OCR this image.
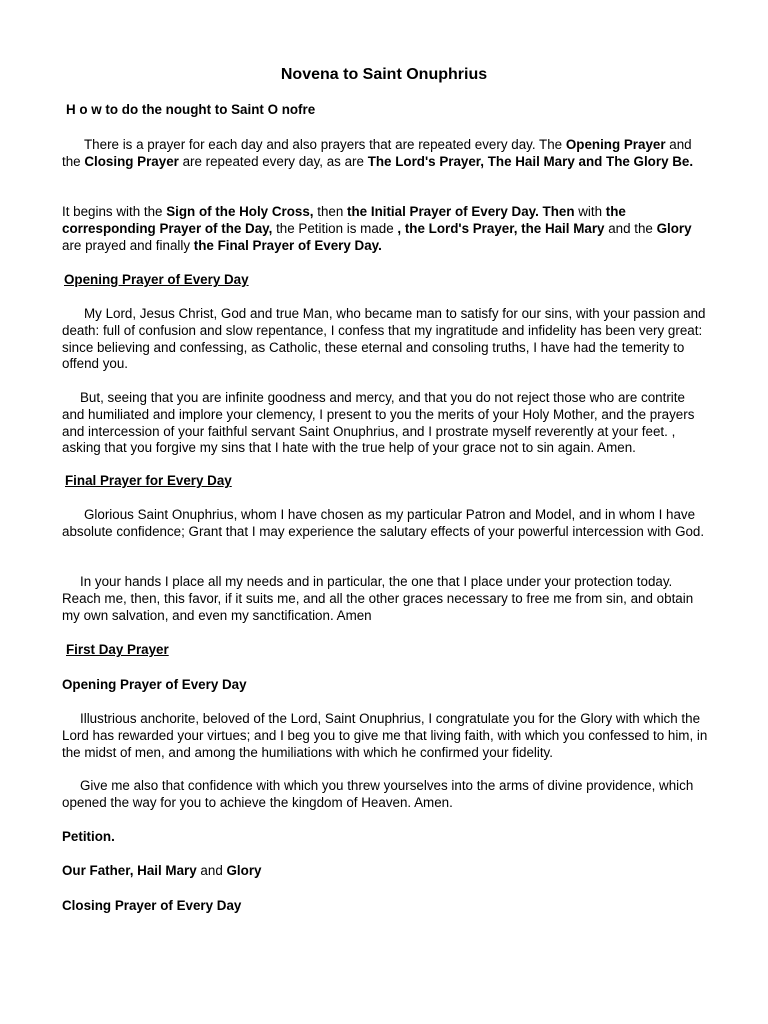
Novena to Saint Onuphrius

H o w to do the nought to Saint O nofre

There is a prayer for each day and also prayers that are repeated every day. The Opening Prayer and the Closing Prayer are repeated every day, as are The Lord's Prayer, The Hail Mary and The Glory Be.

It begins with the Sign of the Holy Cross, then the Initial Prayer of Every Day. Then with the corresponding Prayer of the Day, the Petition is made , the Lord's Prayer, the Hail Mary and the Glory are prayed and finally the Final Prayer of Every Day.

Opening Prayer of Every Day

My Lord, Jesus Christ, God and true Man, who became man to satisfy for our sins, with your passion and death: full of confusion and slow repentance, I confess that my ingratitude and infidelity has been very great: since believing and confessing, as Catholic, these eternal and consoling truths, I have had the temerity to offend you.

But, seeing that you are infinite goodness and mercy, and that you do not reject those who are contrite and humiliated and implore your clemency, I present to you the merits of your Holy Mother, and the prayers and intercession of your faithful servant Saint Onuphrius, and I prostrate myself reverently at your feet. , asking that you forgive my sins that I hate with the true help of your grace not to sin again. Amen.

Final Prayer for Every Day

Glorious Saint Onuphrius, whom I have chosen as my particular Patron and Model, and in whom I have absolute confidence; Grant that I may experience the salutary effects of your powerful intercession with God.

In your hands I place all my needs and in particular, the one that I place under your protection today. Reach me, then, this favor, if it suits me, and all the other graces necessary to free me from sin, and obtain my own salvation, and even my sanctification. Amen

First Day Prayer

Opening Prayer of Every Day

Illustrious anchorite, beloved of the Lord, Saint Onuphrius, I congratulate you for the Glory with which the Lord has rewarded your virtues; and I beg you to give me that living faith, with which you confessed to him, in the midst of men, and among the humiliations with which he confirmed your fidelity.

Give me also that confidence with which you threw yourselves into the arms of divine providence, which opened the way for you to achieve the kingdom of Heaven. Amen.

Petition.

Our Father, Hail Mary and Glory

Closing Prayer of Every Day
